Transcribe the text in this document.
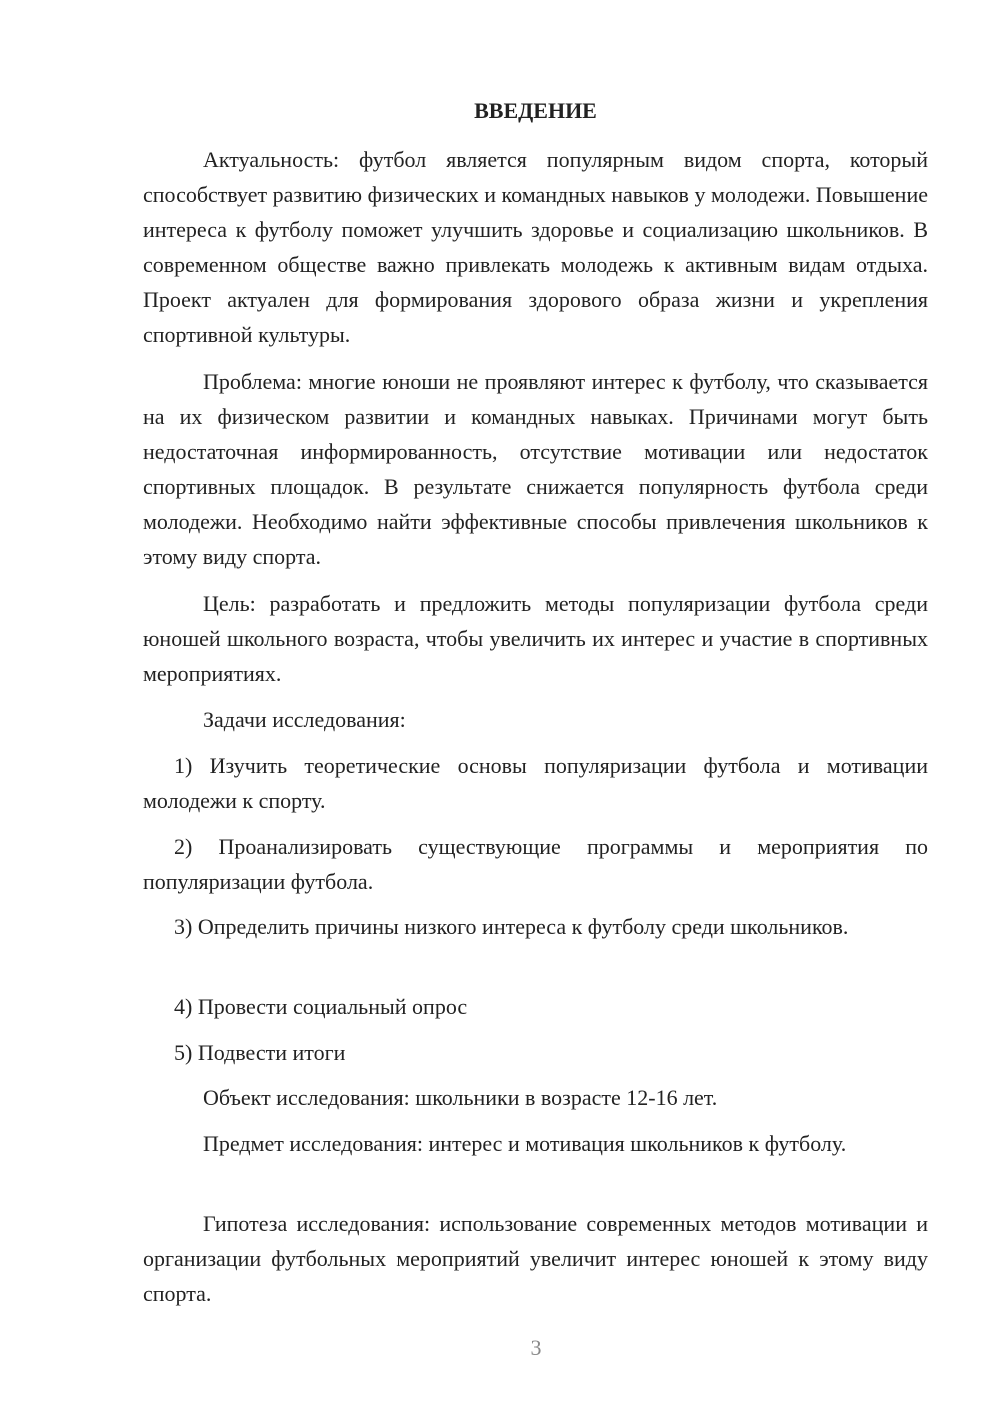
ВВЕДЕНИЕ

Актуальность: футбол является популярным видом спорта, который способствует развитию физических и командных навыков у молодежи. Повышение интереса к футболу поможет улучшить здоровье и социализацию школьников. В современном обществе важно привлекать молодежь к активным видам отдыха. Проект актуален для формирования здорового образа жизни и укрепления спортивной культуры.

Проблема: многие юноши не проявляют интерес к футболу, что сказывается на их физическом развитии и командных навыках. Причинами могут быть недостаточная информированность, отсутствие мотивации или недостаток спортивных площадок. В результате снижается популярность футбола среди молодежи. Необходимо найти эффективные способы привлечения школьников к этому виду спорта.

Цель: разработать и предложить методы популяризации футбола среди юношей школьного возраста, чтобы увеличить их интерес и участие в спортивных мероприятиях.

Задачи исследования:

1) Изучить теоретические основы популяризации футбола и мотивации молодежи к спорту.

2) Проанализировать существующие программы и мероприятия по популяризации футбола.

3) Определить причины низкого интереса к футболу среди школьников.

4) Провести социальный опрос

5) Подвести итоги

Объект исследования: школьники в возрасте 12-16 лет.

Предмет исследования: интерес и мотивация школьников к футболу.

Гипотеза исследования: использование современных методов мотивации и организации футбольных мероприятий увеличит интерес юношей к этому виду спорта.

3
